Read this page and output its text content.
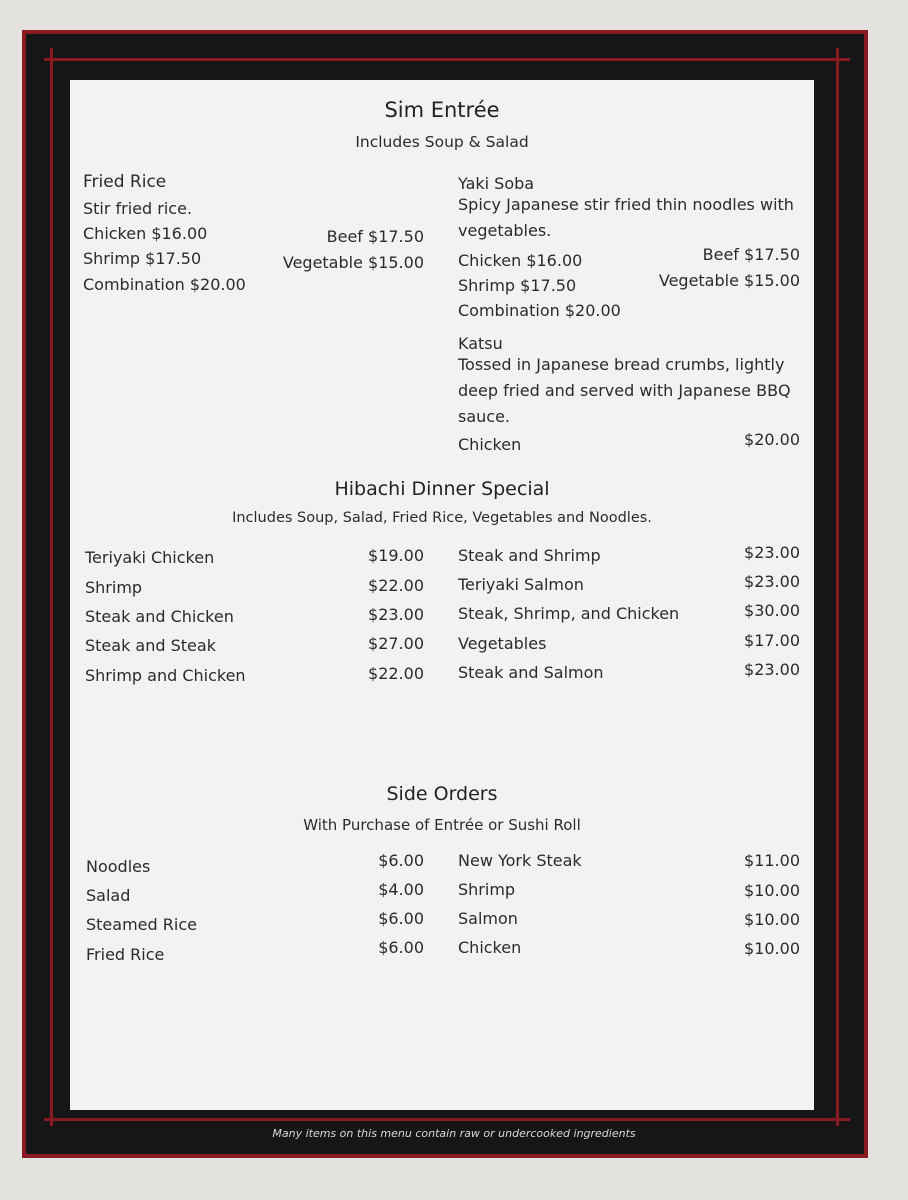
Sim Entrée
Includes Soup & Salad
Fried Rice
Stir fried rice.
Chicken $16.00
Shrimp $17.50
Combination $20.00
Beef $17.50
Vegetable $15.00
Yaki Soba
Spicy Japanese stir fried thin noodles with
vegetables.
Chicken $16.00
Shrimp $17.50
Combination $20.00
Beef $17.50
Vegetable $15.00
Katsu
Tossed in Japanese bread crumbs, lightly
deep fried and served with Japanese BBQ
sauce.
Chicken	$20.00
Hibachi Dinner Special
Includes Soup, Salad, Fried Rice, Vegetables and Noodles.
Teriyaki Chicken	$19.00
Shrimp	$22.00
Steak and Chicken	$23.00
Steak and Steak	$27.00
Shrimp and Chicken	$22.00
Steak and Shrimp	$23.00
Teriyaki Salmon	$23.00
Steak, Shrimp, and Chicken	$30.00
Vegetables	$17.00
Steak and Salmon	$23.00
Side Orders
With Purchase of Entrée or Sushi Roll
Noodles	$6.00
Salad	$4.00
Steamed Rice	$6.00
Fried Rice	$6.00
New York Steak	$11.00
Shrimp	$10.00
Salmon	$10.00
Chicken	$10.00
Many items on this menu contain raw or undercooked ingredients
